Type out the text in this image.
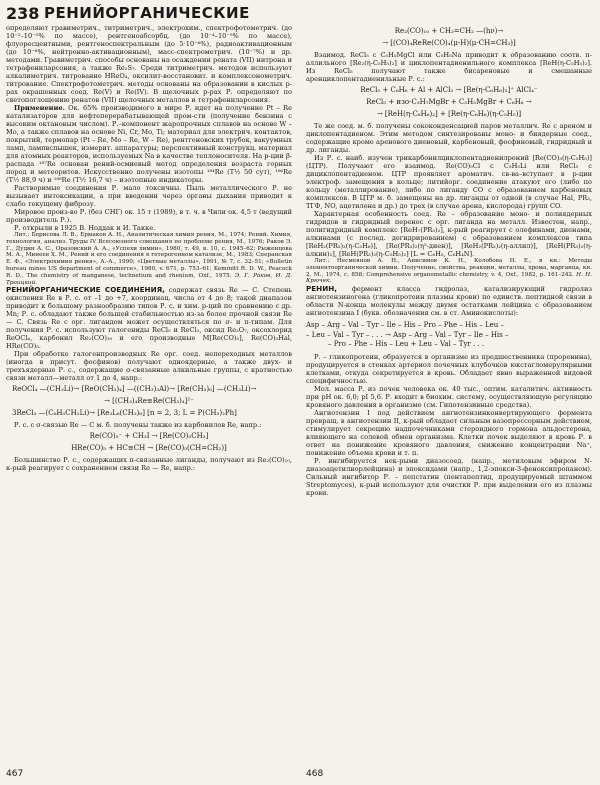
238 РЕНИЙОРГАНИЧЕСКИЕ

определяют гравиметрич., титриметрич., электрохим., спектрофотометрич. (до 10⁻²–10⁻⁵% по массе), рентгеноабсорбц. (до 10⁻⁴–10⁻⁵% по массе), флуоресцентными, рентгеноспектральным (до 5·10⁻⁶%), радиоактивационным (до 10⁻⁶%, нейтронно-активационным), масс-спектрометрич. (10⁻⁷%) и др. методами. Гравиметрич. способы основаны на осаждении рената (VII) нитрона и тетрафениларсония, а также Re₂S₇. Среди титриметрич. методов используют алкалиметрич. титрование HReO₄, оксилит-восстановит. и комплексонометрич. титрование. Спектрофотометрич. методы основаны на образовании в кислых р-рах окрашенных соед. Re(V) и Re(IV). В щелочных р-рах Р. определяют по светопоглощению ренатов (VII) щелочных металлов и тетрафениларсония.

Применение. Ок. 65% производимого в мире Р. идет на получение Pt – Re катализаторов для нефтеперерабатывающей пром-сти (получение бензина с высоким октановым числом). Р.–компонент жаропрочных сплавов на основе W – Mo, а также сплавов на основе Ni, Cr, Mo, Ti; материал для электрич. контактов, покрытий, термопар (Pt – Re, Mo – Re, W – Re), рентгеновских трубок, вакуумных ламп, лампвспышек, измерит. аппаратуры; перспективный конструкц. материал для атомных реакторов, используемых Na в качестве теплоносителя. На р-ции β-распада ¹⁸⁷Re основан рений-осмиевый метод определения возраста горных пород и метеоритов. Искусственно получены изотопы ¹⁸⁴Re (T½ 50 сут), ¹⁸⁶Re (T½ 88,9 ч) и ¹⁸⁸Re (T½ 16,7 ч) – изотопные индикаторы.

Растворимые соединения Р. мало токсичны. Пыль металлического Р. не вызывает интоксикации, а при введении через органы дыхания приводит к слабо текущему фиброзу.

Мировое произ-во Р. (без СНГ) ок. 15 т (1989), в т. ч. в Чили ок. 4,5 т (ведущий производитель Р.).

Р. открыли в 1925 В. Ноддак и И. Такке.

Лит.: Борисова Л. В., Ермаков А. Н., Аналитическая химия рения, М., 1974; Рений. Химия, технология, анализ. Труды IV Всесоюзного совещания по проблеме рения, М., 1976; Раков Э. Г., Дудин А. С., Оразовский А. А., «Успехи химии», 1980, т. 49, в. 10, с. 1945–62; Рыженцова М. А., Минеев Х. М., Рений и его соединения в гетерогенном катализе, М., 1983; Сперанская Е. Ф., «Электрохимия рения», А.-А., 1990; «Цветные металлы», 1991, № 7, с. 32–51; «Bulletin bureau mines US department of commerce», 1980, v. 671, p. 753–61; Kemmitt R. D. W., Peacock R. D., The chemistry of manganese, technetium and rhenium, Oxf., 1975. Э. Г. Раков, И. Д. Троицкий.

РЕНИЙОРГАНИЧЕСКИЕ СОЕДИНЕНИЯ, содержат связь Re — C. Степень окисления Re в Р. с. от –1 до +7, координац. числа от 4 до 8; такой диапазон приводит к большому разнообразию типов Р. с. и хим. р-ций по сравнению с др. Mn; Р. с. обладают также большей стабильностью из-за более прочной связи Re — C. Связь Re с орг. лигандом может осуществляться по σ- и π-типам. Для получения Р. с. используют галогениды ReCl₅ и ReCl₃, оксид Re₂O₇, оксохлорид ReOCl₄, карбонил Re₂(CO)₁₀ и его производные M[Re(CO)₅], Re(CO)₅Hal, HRe(CO)₅.

При обработке галогенпроизводных Re орг. соед. непереходных металлов (иногда в присут. фосфинов) получают одноядерные, а также двух- и трехъядерные Р. с., содержащие σ-связанные алкильные группы, с кратностью связи металл—металл от 1 до 4, напр.:

ReOCl₄ —(CH₃Li)→ [ReO(CH₃)₄] —((CH₃)₃Al)→ [Re(CH₃)₆] —(CH₃Li)→
→ [(CH₃)₄Re≡Re(CH₃)₄]²⁻
3ReCl₃ —(C₆H₅CH₂Li)→ [Re₃L₆(CH₃)₆] [n = 2, 3; L = P(CH₃)₂Ph]

Р. с. с σ-связью Re — C м. б. получены также из карбонилов Re, напр.:

Re(CO)₅⁻ + CH₃I → [Re(CO)₅CH₃]
HRe(CO)₅ + HC≡CH → [Re(CO)₅(CH=CH₂)]

Большинство Р. с., содержащих π-связанные лиганды, получают из Re₂(CO)₁₀, к-рый реагирует с сохранением связи Re — Re, напр.:

Re₂(CO)₁₀ + CH₂=CH₂ —(hν)→
→ [(CO)₄ReRe(CO)₄(μ-H)(μ-CH=CH₂)]

Взаимод. ReCl₅ с C₅H₅MgCl или C₅H₅Na приводит к образованию соотв. π-аллильного [Re₂(η-C₅H₅)₂] и циклопентадиенильного комплекса [ReH(η-C₅H₅)₂]. Из ReCl₅ получают также бисареновые и смешанные аренциклопентадиенильные Р. с.:

ReCl₅ + C₆H₆ + Al + AlCl₃ → [Re(η-C₆H₆)₂]⁺ AlCl₄⁻
ReCl₅ + изо-C₃H₇MgBr + C₅H₅MgBr + C₆H₆ →
→ [ReH(η-C₆H₆)₂] + [Re(η-C₆H₆)(η-C₅H₅)]

Те же соед. м. б. получены сококонденсацией паров металлич. Re с ареном и циклопентадиеном. Этим методом синтезированы моно- и биядерные соед., содержащие кроме аренового диеновый, карбеновый, фосфиновый, гидридный и др. лиганды.

Из Р. с. наиб. изучен трикарбонилциклопентадиенилрений [Re(CO)₃(η-C₅H₅)] (ЦТР). Получают его взаимод. Re(CO)₅Cl с C₅H₅Li или ReCl₅ с дициклопентадиеном. ЦТР проявляет ароматич. св-ва–вступает в р-ции электроф. замещения в кольце; литийорг. соединение атакуют его (либо по кольцу (металлирование), либо по лиганду CO с образованием карбеновых комплексов. В ЦТР м. б. замещены на др. лиганды от одной (в случае Hal, PR₃, ТГФ, NO, ацетилена и др.) до трех (в случае арена, кислорода) групп CO.

Характерная особенность соед. Re – образование моно- и полиядерных гидридов и гидридный перенос с орг. лиганда на металл. Известен, напр., полигидридный комплекс [ReH₇(PR₃)₂], к-рый реагирует с олефинами, диенами, алкинами (с послед. дегидрированием) с образованием комплексов типа [ReH₂(PR₃)₂(η-C₅H₆)], [Re(PR₃)₂(η⁵-диен)], [ReH₂(PR₃)₂(η-аллил)], [ReH(PR₃)₂(η-алкин)₂], [ReH(PR₃)₂(η-C₅H₅)₂] [L = C₆H₅, C₆H₄N].

Лит.: Несмеянов А. Н., Анисимов К. Н., Колобова Н. Е., в кн.: Методы элементоорганической химии. Получение, свойства, реакции, металлы, хрома, марганца, кн. 2, М., 1974, с. 858; Comprehensive organometallic chemistry, v. 4, Oxf., 1982, p. 161–242. Н. Н. Крючек.

РЕНИН, фермент класса гидролаз, катализирующий гидролиз ангиотензиногена (гликопротеин плазмы крови) по единств. пептидной связи в области N-конца молекулы между двумя остатками лейцина с образованием ангиотензина I (букв. обозначения см. в ст. Аминокислоты):

Asp – Arg – Val – Tyr – Ile – His – Pro – Phe – His – Leu –
– Leu – Val – Tyr – . . . → Asp – Arg – Val – Tyr – Ile – His –
– Pro – Phe – His – Leu + Leu – Val – Tyr . . .

Р. – гликопротеин, образуется в организме из предшественника (проренина), продуцируется в стенках артериол почечных клубочков юкстагломерулярными клетками, откуда секретируется в кровь. Обладает явно выраженной видовой специфичностью.

Мол. масса Р. из почек человека ок. 40 тыс., оптим. каталитич. активность при pH ок. 6,0; pI 5,6. Р. входит в биохим. систему, осуществляющую регуляцию кровяного давления в организме (см. Гипотензивные средства).

Ангиотензин I под действием ангиотензинконвертирующего фермента превращ. в ангиотензин II, к-рый обладает сильным вазопрессорным действием, стимулирует секрецию надпочечниками стероидного гормона альдостерона, влияющего на солевой обмен организма. Клетки почек выделяют в кровь Р. в ответ на понижение кровяного давления, снижение концентрации Na⁺, понижение объема крови и т. п.

Р. ингибируется нек-рыми диазосоед. (напр., метиловым эфиром N-диазоацетилнорлейцина) и эпоксидами (напр., 1,2-эпокси-3-феноксипропаном). Сильный ингибитор Р. – пепстатин (пентапептид, продуцируемый штаммом Streptomyces), к-рый используют для очистки Р. при выделении его из плазмы крови.

467	468
